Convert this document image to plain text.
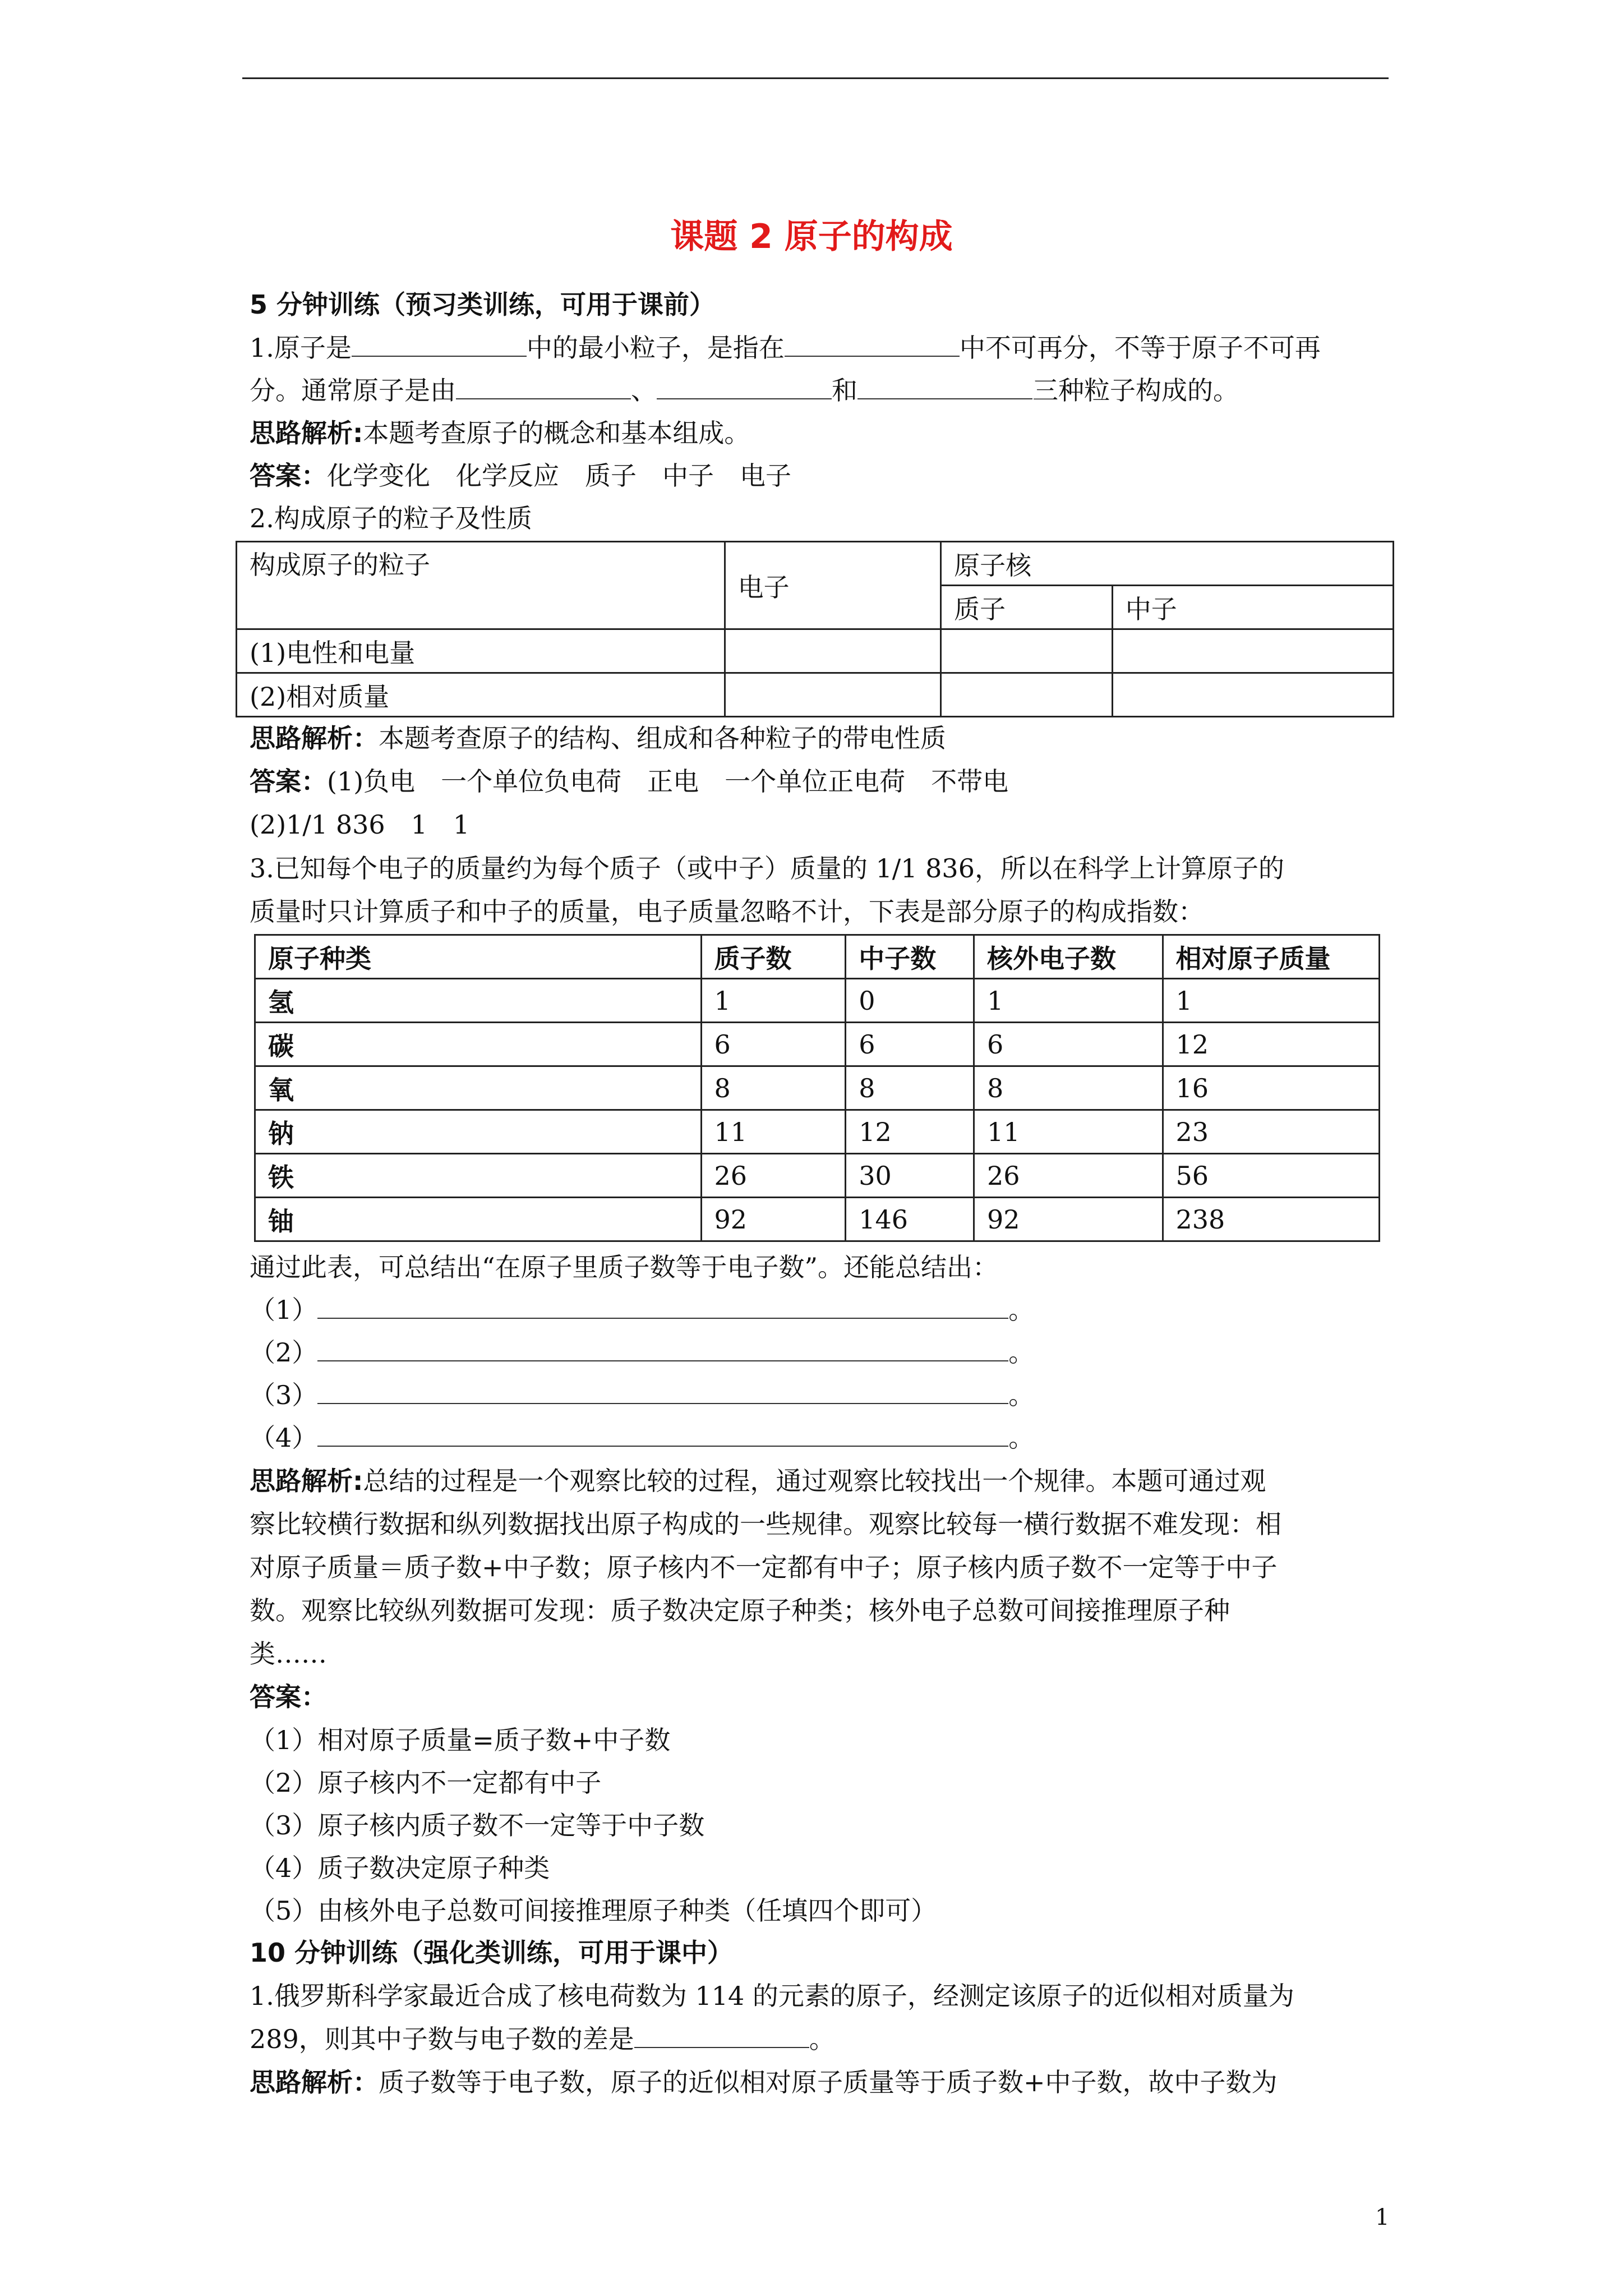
课题 2 原子的构成
5 分钟训练（预习类训练，可用于课前）
1.原子是	中的最小粒子，是指在	中不可再分，不等于原子不可再
分。通常原子是由	、	和	三种粒子构成的。
思路解析:本题考查原子的概念和基本组成。
答案：化学变化　化学反应　质子　中子　电子
2.构成原子的粒子及性质
构成原子的粒子	电子	原子核	
		质子	中子
(1)电性和电量			
(2)相对质量			
思路解析：本题考查原子的结构、组成和各种粒子的带电性质
答案：(1)负电　一个单位负电荷　正电　一个单位正电荷　不带电
(2)1/1 836　1　1
3.已知每个电子的质量约为每个质子（或中子）质量的 1/1 836，所以在科学上计算原子的
质量时只计算质子和中子的质量，电子质量忽略不计，下表是部分原子的构成指数：
原子种类	质子数	中子数	核外电子数	相对原子质量
氢	1	0	1	1
碳	6	6	6	12
氧	8	8	8	16
钠	11	12	11	23
铁	26	30	26	56
铀	92	146	92	238
通过此表，可总结出“在原子里质子数等于电子数”。还能总结出：
（1）	。
（2）	。
（3）	。
（4）	。
思路解析:总结的过程是一个观察比较的过程，通过观察比较找出一个规律。本题可通过观
察比较横行数据和纵列数据找出原子构成的一些规律。观察比较每一横行数据不难发现：相
对原子质量＝质子数+中子数；原子核内不一定都有中子；原子核内质子数不一定等于中子
数。观察比较纵列数据可发现：质子数决定原子种类；核外电子总数可间接推理原子种
类……
答案：
（1）相对原子质量=质子数+中子数
（2）原子核内不一定都有中子
（3）原子核内质子数不一定等于中子数
（4）质子数决定原子种类
（5）由核外电子总数可间接推理原子种类（任填四个即可）
10 分钟训练（强化类训练，可用于课中）
1.俄罗斯科学家最近合成了核电荷数为 114 的元素的原子，经测定该原子的近似相对质量为
289，则其中子数与电子数的差是	。
思路解析：质子数等于电子数，原子的近似相对原子质量等于质子数+中子数，故中子数为
1
